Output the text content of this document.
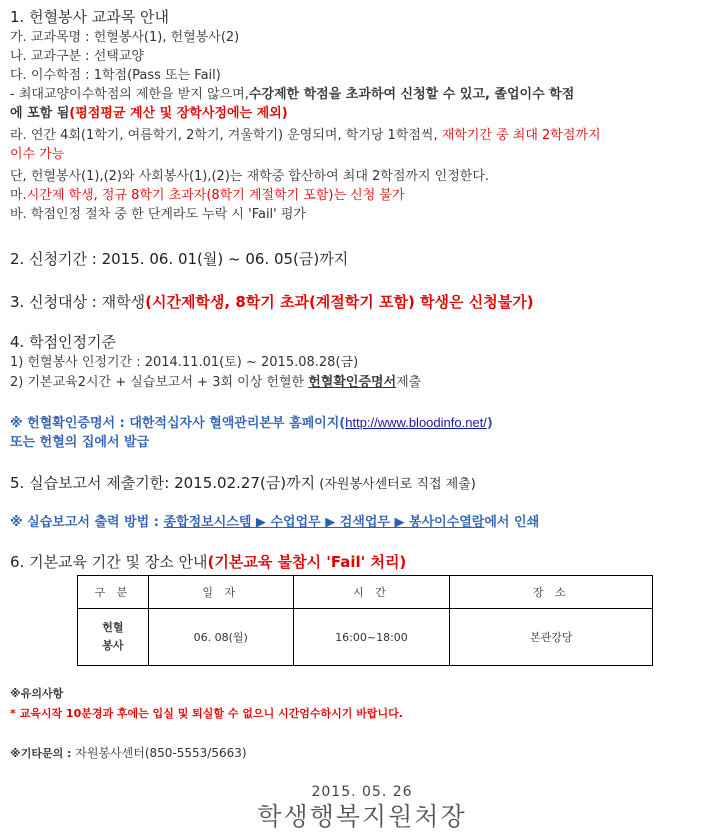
1. 헌혈봉사 교과목 안내
가. 교과목명 : 헌혈봉사(1), 헌혈봉사(2)
나. 교과구분 : 선택교양
다. 이수학점 : 1학점(Pass 또는 Fail)
- 최대교양이수학점의 제한을 받지 않으며,수강제한 학점을 초과하여 신청할 수 있고, 졸업이수 학점
에 포함 됨(평점평균 계산 및 장학사정에는 제외)
라. 연간 4회(1학기, 여름학기, 2학기, 겨울학기) 운영되며, 학기당 1학점씩, 재학기간 중 최대 2학점까지
이수 가능
단, 헌혈봉사(1),(2)와 사회봉사(1),(2)는 재학중 합산하여 최대 2학점까지 인정한다.
마.시간제 학생, 정규 8학기 초과자(8학기 계절학기 포함)는 신청 불가
바. 학점인정 절차 중 한 단계라도 누락 시 'Fail' 평가
2. 신청기간 : 2015. 06. 01(월) ~ 06. 05(금)까지
3. 신청대상 : 재학생(시간제학생, 8학기 초과(계절학기 포함) 학생은 신청불가)
4. 학점인정기준
1) 헌혈봉사 인정기간 : 2014.11.01(토) ~ 2015.08.28(금)
2) 기본교육2시간 + 실습보고서 + 3회 이상 헌혈한 헌혈확인증명서제출
※ 헌혈확인증명서 : 대한적십자사 혈액관리본부 홈페이지(http://www.bloodinfo.net/)
또는 헌혈의 집에서 발급
5. 실습보고서 제출기한: 2015.02.27(금)까지 (자원봉사센터로 직접 제출)
※ 실습보고서 출력 방법 : 종합정보시스템 ▶ 수업업무 ▶ 검색업무 ▶ 봉사이수열람에서 인쇄
6. 기본교육 기간 및 장소 안내(기본교육 불참시 'Fail' 처리)
구 분	일 자	시 간	장 소

헌혈
봉사	06. 08(월)	16:00~18:00	본관강당
※유의사항
* 교육시작 10분경과 후에는 입실 및 퇴실할 수 없으니 시간엄수하시기 바랍니다.
※기타문의 : 자원봉사센터(850-5553/5663)
2015. 05. 26
학생행복지원처장
